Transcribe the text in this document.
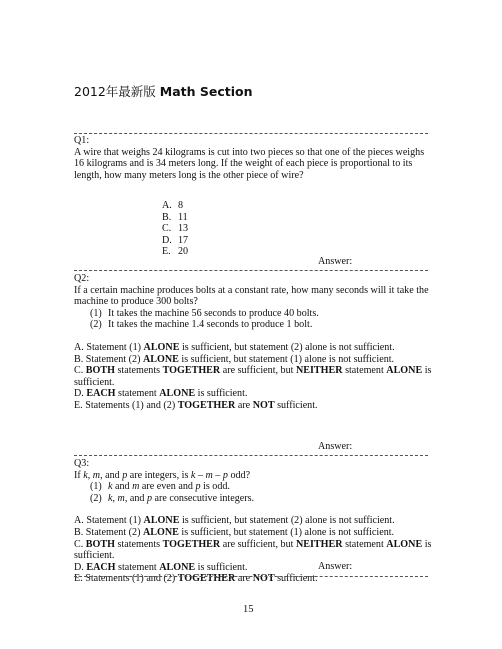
2012年最新版 Math Section
Q1:
A wire that weighs 24 kilograms is cut into two pieces so that one of the pieces weighs 16 kilograms and is 34 meters long. If the weight of each piece is proportional to its length, how many meters long is the other piece of wire?
A. 8
B. 11
C. 13
D. 17
E. 20
Answer:
Q2:
If a certain machine produces bolts at a constant rate, how many seconds will it take the machine to produce 300 bolts?
(1) It takes the machine 56 seconds to produce 40 bolts.
(2) It takes the machine 1.4 seconds to produce 1 bolt.
A. Statement (1) ALONE is sufficient, but statement (2) alone is not sufficient.
B. Statement (2) ALONE is sufficient, but statement (1) alone is not sufficient.
C. BOTH statements TOGETHER are sufficient, but NEITHER statement ALONE is sufficient.
D. EACH statement ALONE is sufficient.
E. Statements (1) and (2) TOGETHER are NOT sufficient.
Answer:
Q3:
If k, m, and p are integers, is k – m – p odd?
(1) k and m are even and p is odd.
(2) k, m, and p are consecutive integers.
A. Statement (1) ALONE is sufficient, but statement (2) alone is not sufficient.
B. Statement (2) ALONE is sufficient, but statement (1) alone is not sufficient.
C. BOTH statements TOGETHER are sufficient, but NEITHER statement ALONE is sufficient.
D. EACH statement ALONE is sufficient.
E. Statements (1) and (2) TOGETHER are NOT sufficient.
Answer:
15
